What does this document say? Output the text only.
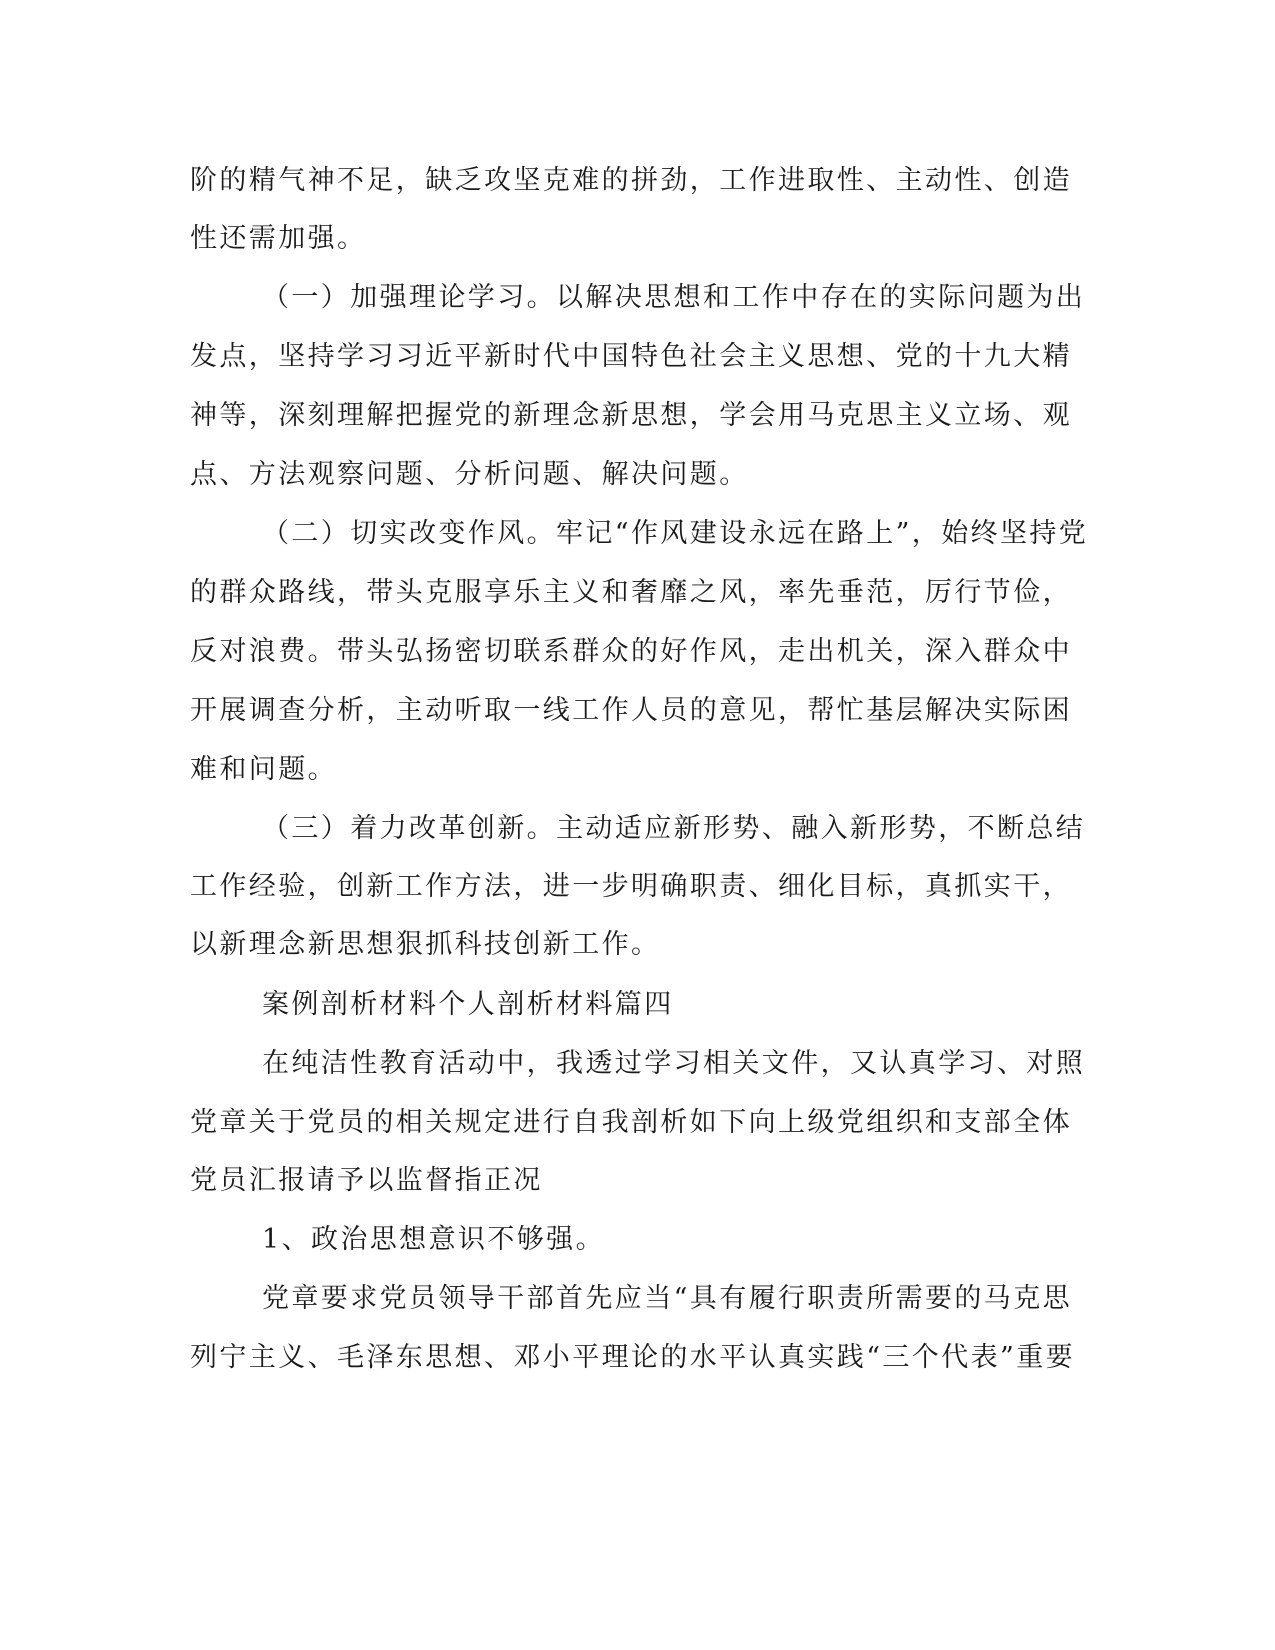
阶的精气神不足，缺乏攻坚克难的拼劲，工作进取性、主动性、创造
性还需加强。
（一）加强理论学习。以解决思想和工作中存在的实际问题为出
发点，坚持学习习近平新时代中国特色社会主义思想、党的十九大精
神等，深刻理解把握党的新理念新思想，学会用马克思主义立场、观
点、方法观察问题、分析问题、解决问题。
（二）切实改变作风。牢记“作风建设永远在路上”，始终坚持党
的群众路线，带头克服享乐主义和奢靡之风，率先垂范，厉行节俭，
反对浪费。带头弘扬密切联系群众的好作风，走出机关，深入群众中
开展调查分析，主动听取一线工作人员的意见，帮忙基层解决实际困
难和问题。
（三）着力改革创新。主动适应新形势、融入新形势，不断总结
工作经验，创新工作方法，进一步明确职责、细化目标，真抓实干，
以新理念新思想狠抓科技创新工作。
案例剖析材料个人剖析材料篇四
在纯洁性教育活动中，我透过学习相关文件，又认真学习、对照
党章关于党员的相关规定进行自我剖析如下向上级党组织和支部全体
党员汇报请予以监督指正况
1、政治思想意识不够强。
党章要求党员领导干部首先应当“具有履行职责所需要的马克思
列宁主义、毛泽东思想、邓小平理论的水平认真实践“三个代表”重要
